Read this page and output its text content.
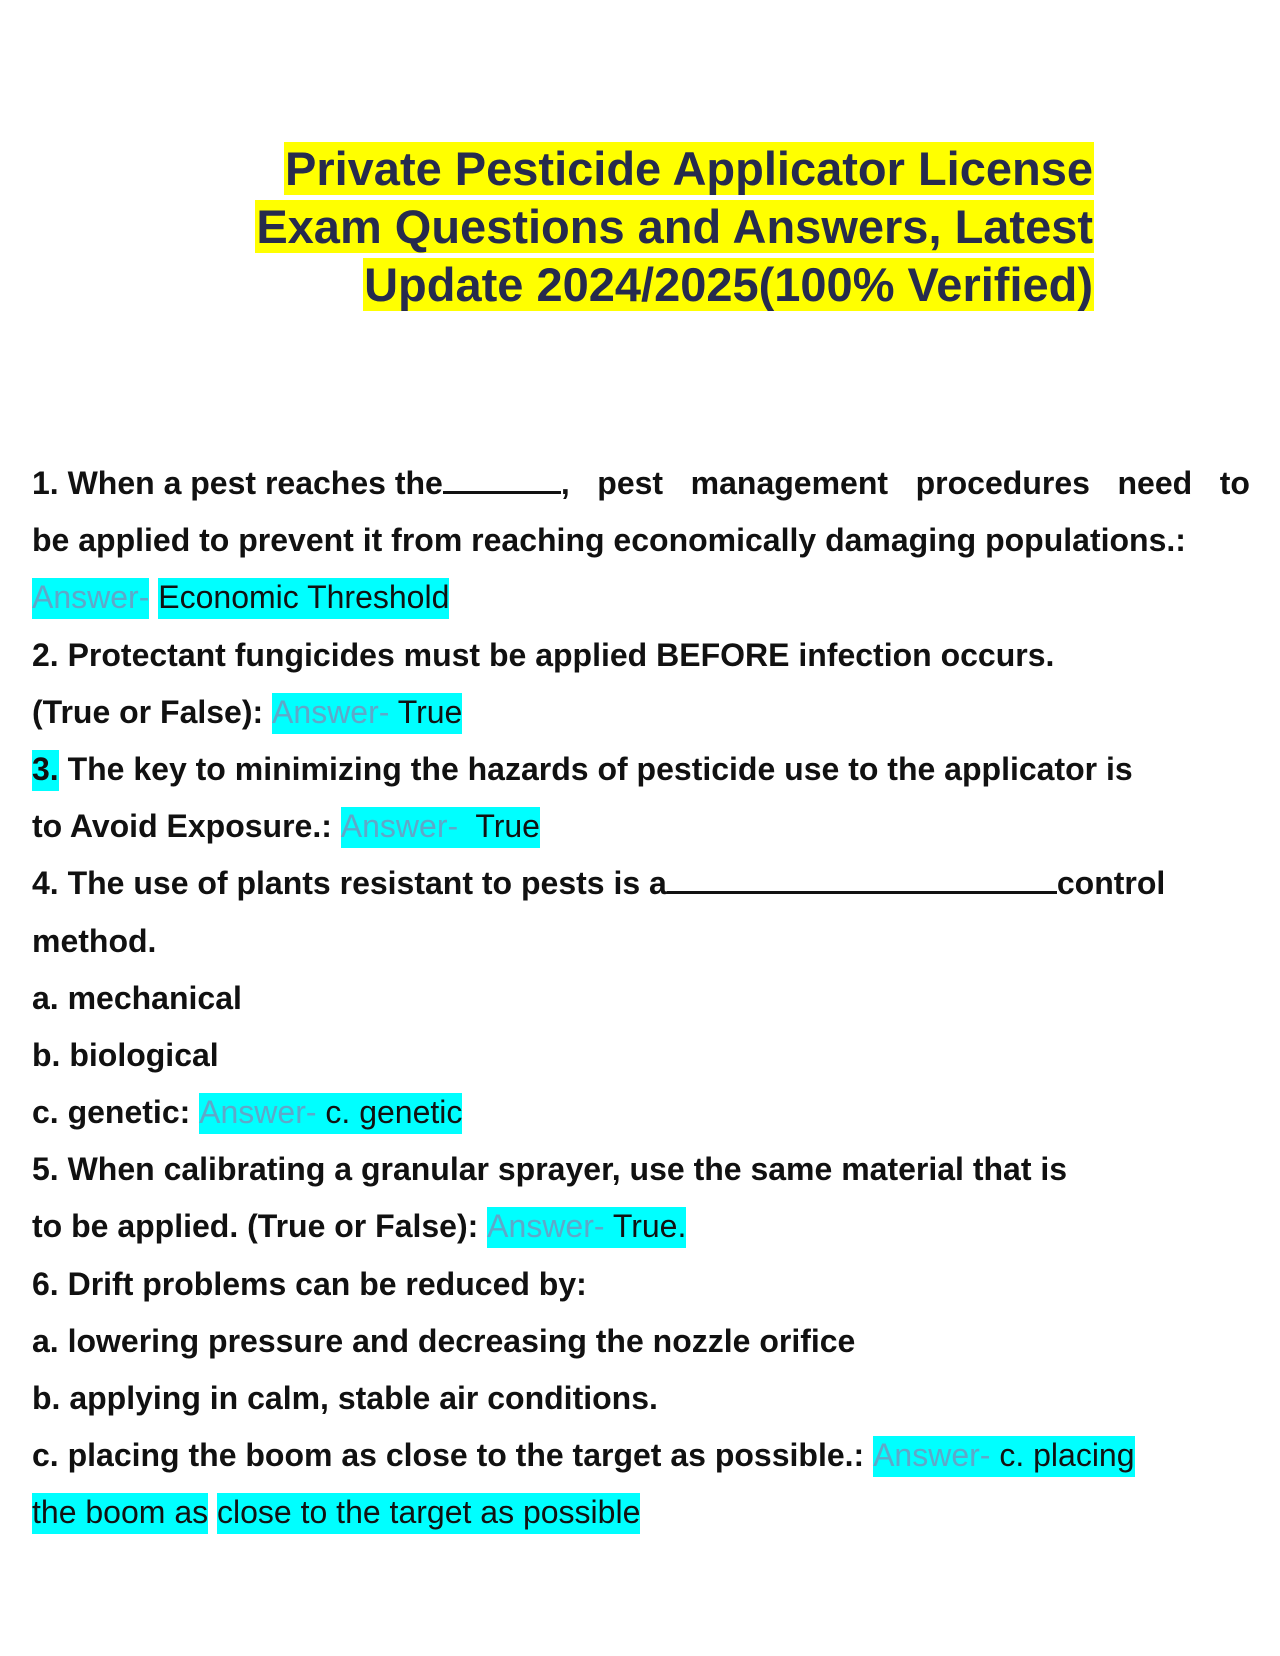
Private Pesticide Applicator License
Exam Questions and Answers, Latest
Update 2024/2025(100% Verified)
1. When a pest reaches the	, pest management procedures need to
be applied to prevent it from reaching economically damaging populations.:
Answer- Economic Threshold
2. Protectant fungicides must be applied BEFORE infection occurs.
(True or False): Answer- True
3. The key to minimizing the hazards of pesticide use to the applicator is
to Avoid Exposure.: Answer- True
4. The use of plants resistant to pests is a	control
method.
a. mechanical
b. biological
c. genetic: Answer- c. genetic
5. When calibrating a granular sprayer, use the same material that is
to be applied. (True or False): Answer- True.
6. Drift problems can be reduced by:
a. lowering pressure and decreasing the nozzle orifice
b. applying in calm, stable air conditions.
c. placing the boom as close to the target as possible.: Answer- c. placing
the boom as close to the target as possible
